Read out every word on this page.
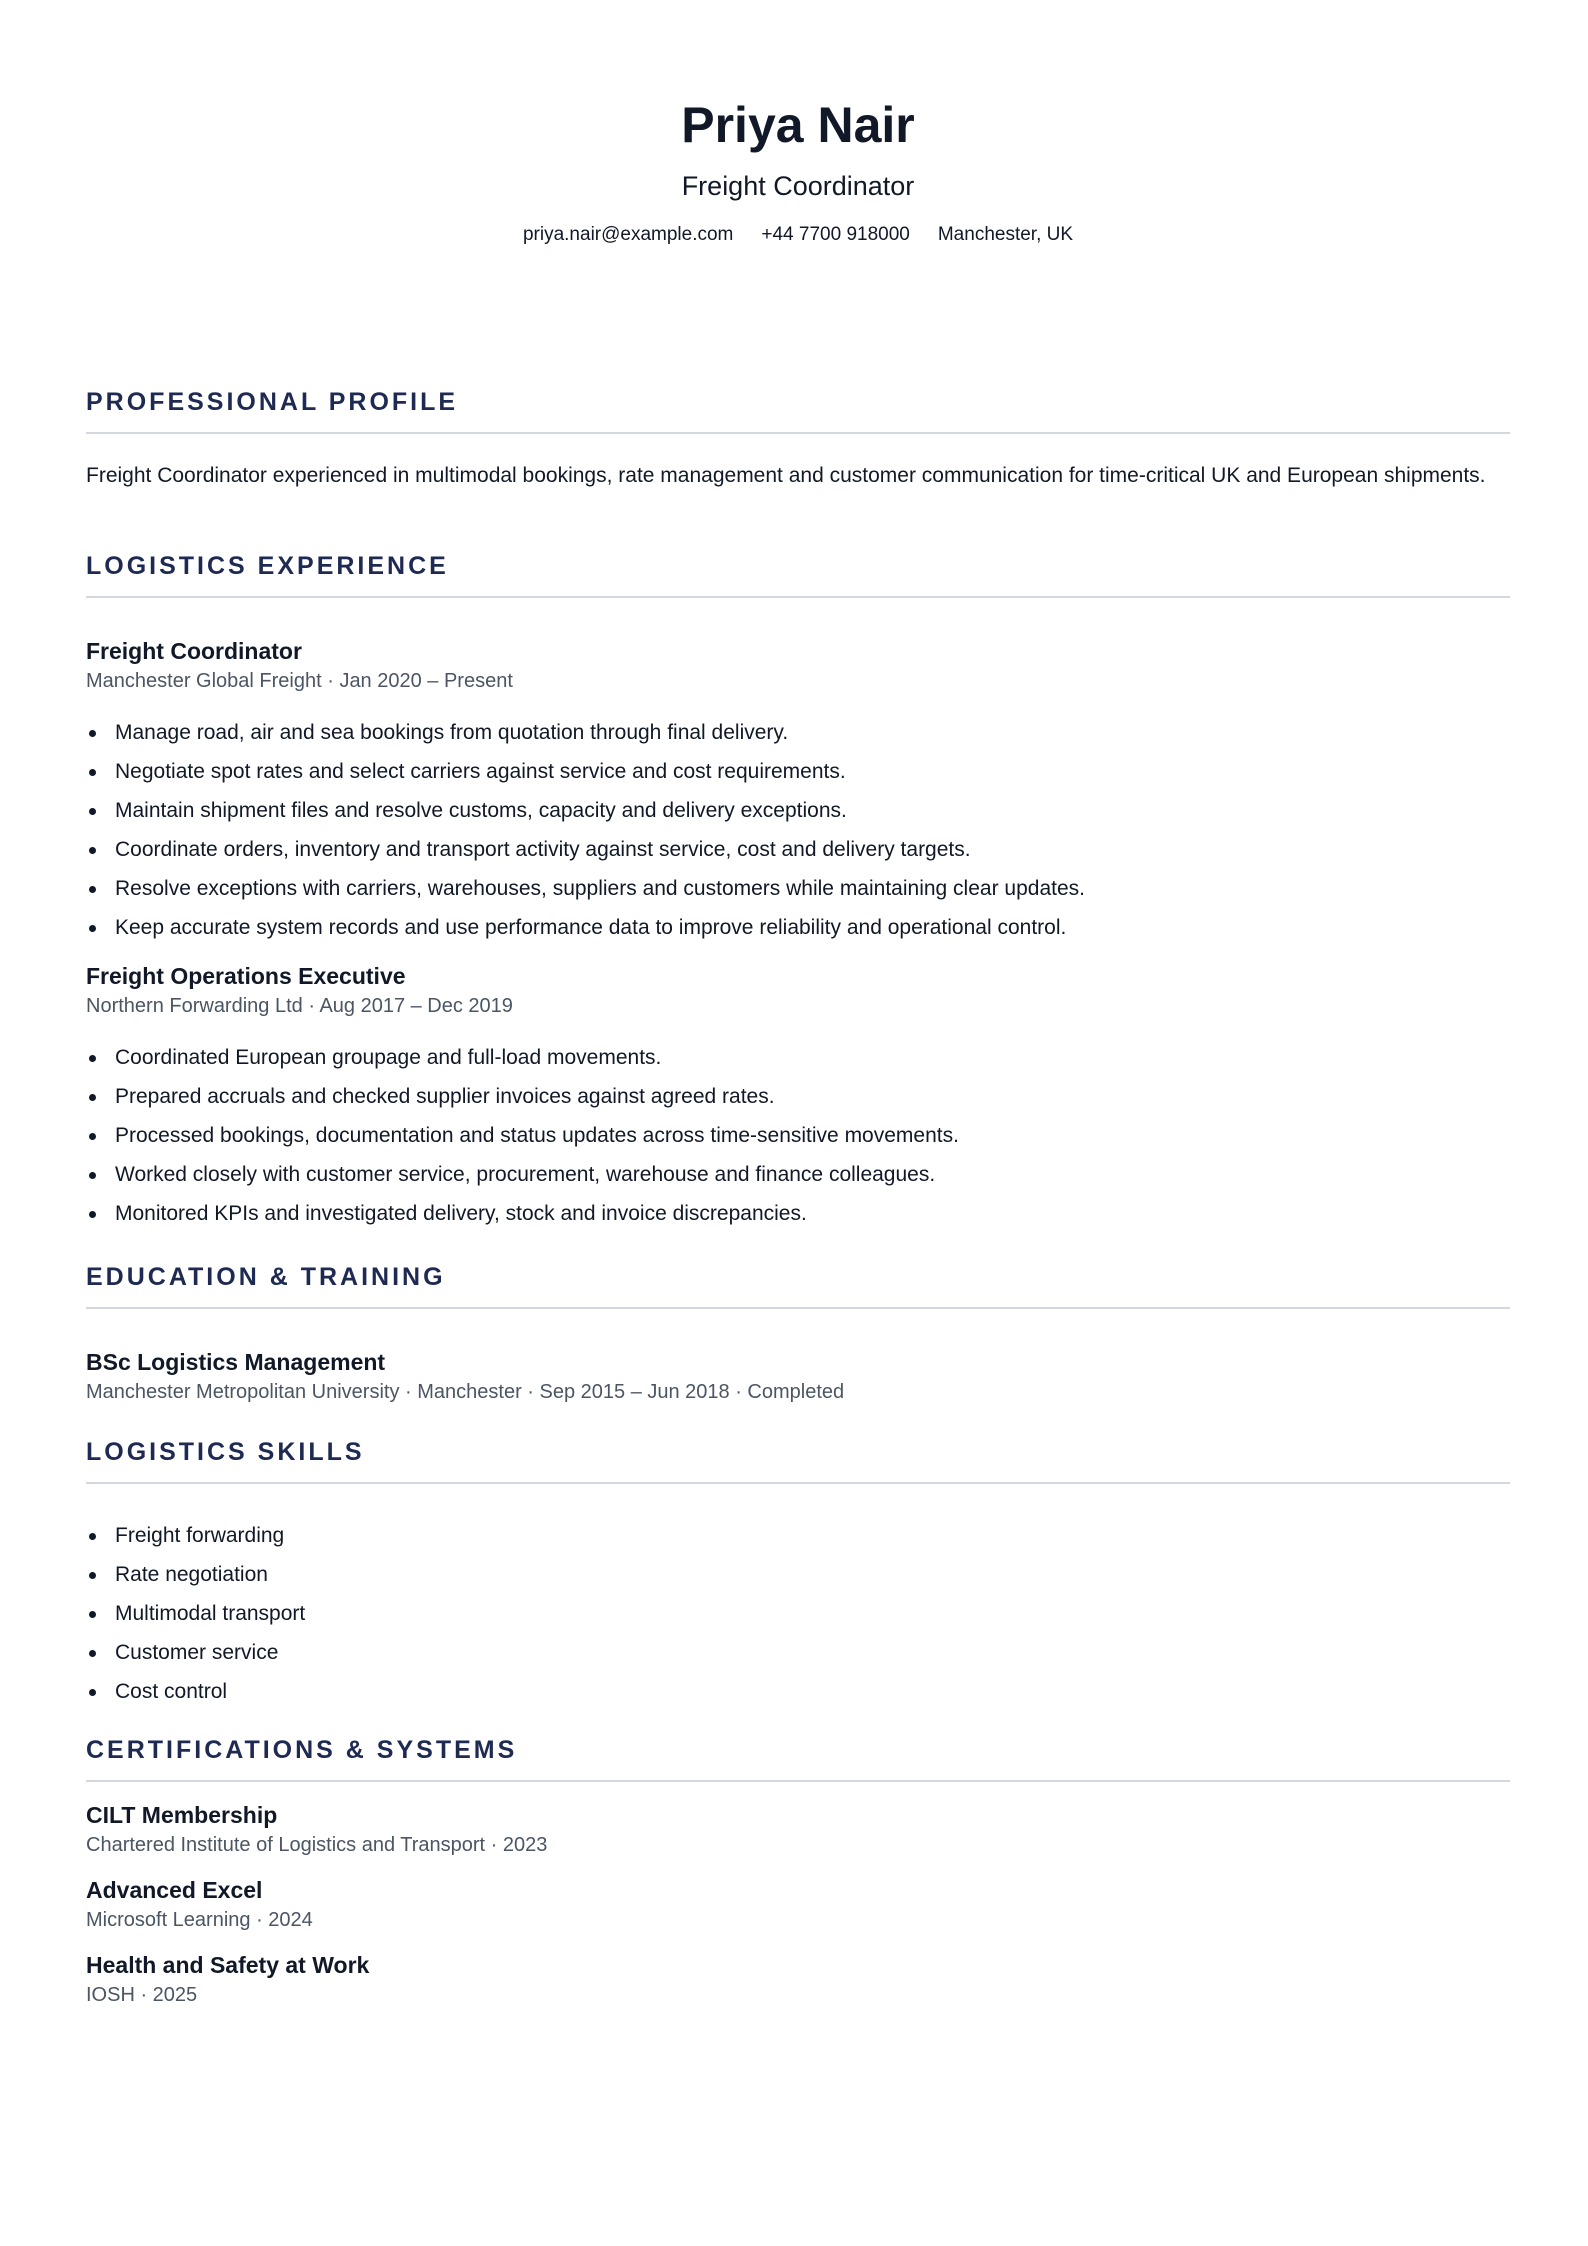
Priya Nair
Freight Coordinator
priya.nair@example.com +44 7700 918000 Manchester, UK
PROFESSIONAL PROFILE
Freight Coordinator experienced in multimodal bookings, rate management and customer communication for time-critical UK and European shipments.
LOGISTICS EXPERIENCE
Freight Coordinator
Manchester Global Freight · Jan 2020 – Present
Manage road, air and sea bookings from quotation through final delivery.
Negotiate spot rates and select carriers against service and cost requirements.
Maintain shipment files and resolve customs, capacity and delivery exceptions.
Coordinate orders, inventory and transport activity against service, cost and delivery targets.
Resolve exceptions with carriers, warehouses, suppliers and customers while maintaining clear updates.
Keep accurate system records and use performance data to improve reliability and operational control.
Freight Operations Executive
Northern Forwarding Ltd · Aug 2017 – Dec 2019
Coordinated European groupage and full-load movements.
Prepared accruals and checked supplier invoices against agreed rates.
Processed bookings, documentation and status updates across time-sensitive movements.
Worked closely with customer service, procurement, warehouse and finance colleagues.
Monitored KPIs and investigated delivery, stock and invoice discrepancies.
EDUCATION & TRAINING
BSc Logistics Management
Manchester Metropolitan University · Manchester · Sep 2015 – Jun 2018 · Completed
LOGISTICS SKILLS
Freight forwarding
Rate negotiation
Multimodal transport
Customer service
Cost control
CERTIFICATIONS & SYSTEMS
CILT Membership
Chartered Institute of Logistics and Transport · 2023
Advanced Excel
Microsoft Learning · 2024
Health and Safety at Work
IOSH · 2025
